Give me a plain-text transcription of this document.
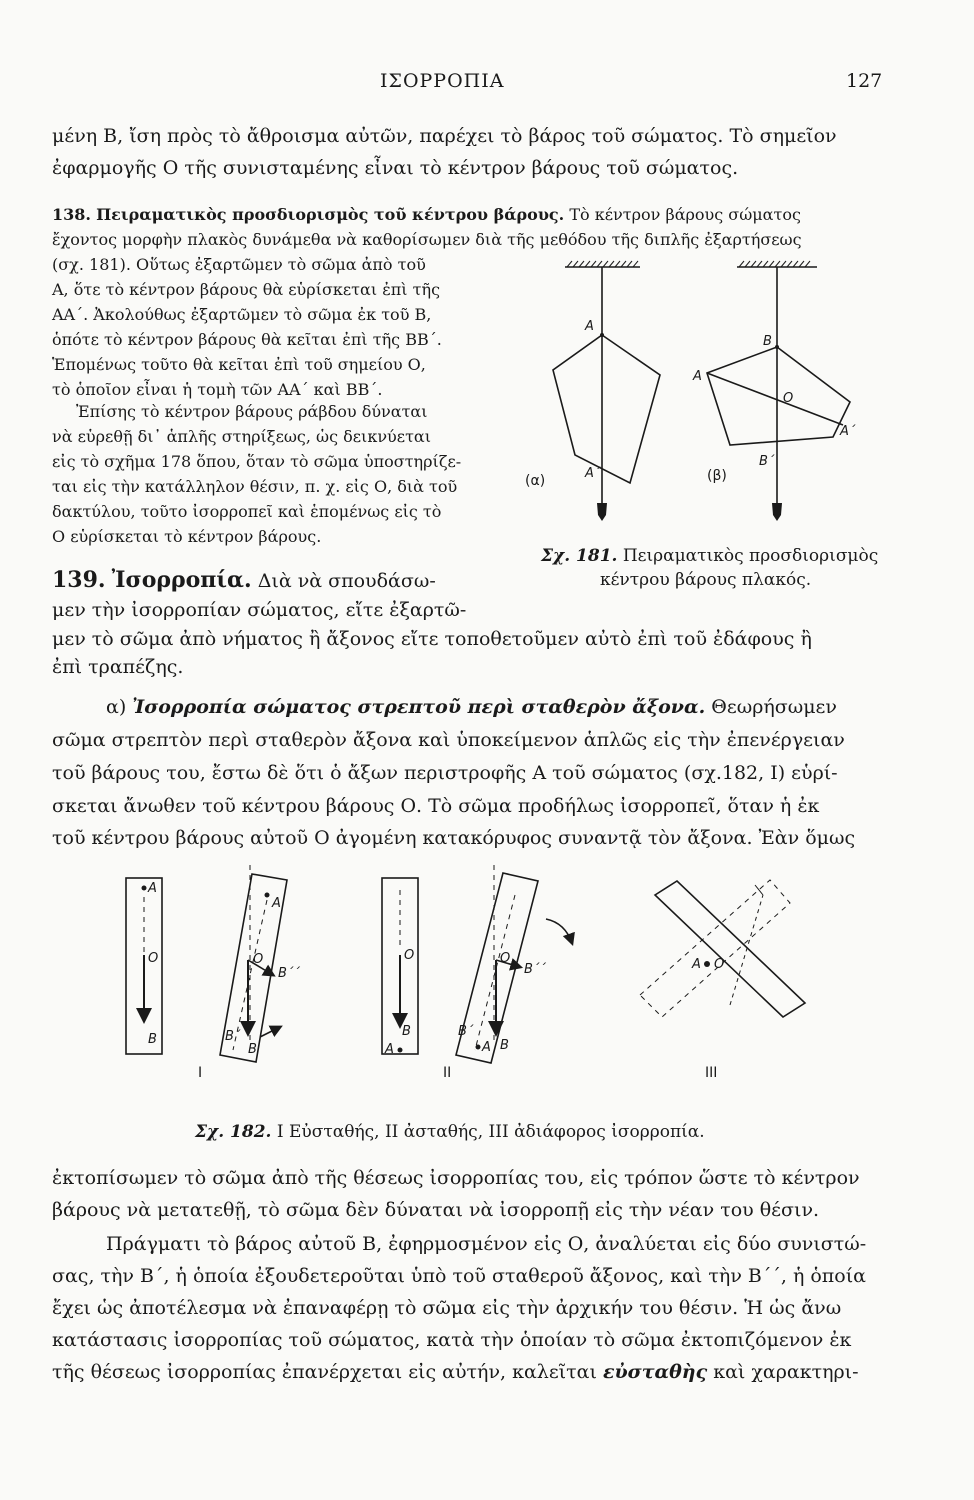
ΙΣΟΡΡΟΠΙΑ	127
μένη Β, ἴση πρὸς τὸ ἄθροισμα αὐτῶν, παρέχει τὸ βάρος τοῦ σώματος. Τὸ σημεῖον
ἐφαρμογῆς Ο τῆς συνισταμένης εἶναι τὸ κέντρον βάρους τοῦ σώματος.
138. Πειραματικὸς προσδιορισμὸς τοῦ κέντρου βάρους. Τὸ κέντρον βάρους σώματος
ἔχοντος μορφὴν πλακὸς δυνάμεθα νὰ καθορίσωμεν διὰ τῆς μεθόδου τῆς διπλῆς ἐξαρτήσεως
(σχ. 181). Οὕτως ἐξαρτῶμεν τὸ σῶμα ἀπὸ τοῦ
Α, ὅτε τὸ κέντρον βάρους θὰ εὑρίσκεται ἐπὶ τῆς
ΑΑ΄. Ἀκολούθως ἐξαρτῶμεν τὸ σῶμα ἐκ τοῦ Β,
ὁπότε τὸ κέντρον βάρους θὰ κεῖται ἐπὶ τῆς ΒΒ΄.
Ἑπομένως τοῦτο θὰ κεῖται ἐπὶ τοῦ σημείου Ο,
τὸ ὁποῖον εἶναι ἡ τομὴ τῶν ΑΑ΄ καὶ ΒΒ΄.
Ἐπίσης τὸ κέντρον βάρους ράβδου δύναται
νὰ εὑρεθῇ δι᾽ ἁπλῆς στηρίξεως, ὡς δεικνύεται
εἰς τὸ σχῆμα 178 ὅπου, ὅταν τὸ σῶμα ὑποστηρίζε-
ται εἰς τὴν κατάλληλον θέσιν, π. χ. εἰς Ο, διὰ τοῦ
δακτύλου, τοῦτο ἰσορροπεῖ καὶ ἑπομένως εἰς τὸ
Ο εὑρίσκεται τὸ κέντρον βάρους.
A
A΄
B
A
O
A΄
B΄
(α)	(β)
Σχ. 181. Πειραματικὸς προσδιορισμὸς
κέντρου βάρους πλακός.
139. Ἰσορροπία. Διὰ νὰ σπουδάσω-
μεν τὴν ἰσορροπίαν σώματος, εἴτε ἐξαρτῶ-
μεν τὸ σῶμα ἀπὸ νήματος ἢ ἄξονος εἴτε τοποθετοῦμεν αὐτὸ ἐπὶ τοῦ ἐδάφους ἢ
ἐπὶ τραπέζης.
α) Ἰσορροπία σώματος στρεπτοῦ περὶ σταθερὸν ἄξονα. Θεωρήσωμεν
σῶμα στρεπτὸν περὶ σταθερὸν ἄξονα καὶ ὑποκείμενον ἁπλῶς εἰς τὴν ἐπενέργειαν
τοῦ βάρους του, ἔστω δὲ ὅτι ὁ ἄξων περιστροφῆς Α τοῦ σώματος (σχ.182, Ι) εὑρί-
σκεται ἄνωθεν τοῦ κέντρου βάρους Ο. Τὸ σῶμα προδήλως ἰσορροπεῖ, ὅταν ἡ ἐκ
τοῦ κέντρου βάρους αὐτοῦ Ο ἀγομένη κατακόρυφος συναντᾷ τὸν ἄξονα. Ἐὰν ὅμως
A
O
B
A
O
B΄΄
B΄
B
O
B
A
O
B΄΄
B΄
A B
A O
I	II	III
Σχ. 182. Ι Εὐσταθής, ΙΙ ἀσταθής, ΙΙΙ ἀδιάφορος ἰσορροπία.
ἐκτοπίσωμεν τὸ σῶμα ἀπὸ τῆς θέσεως ἰσορροπίας του, εἰς τρόπον ὥστε τὸ κέντρον
βάρους νὰ μετατεθῇ, τὸ σῶμα δὲν δύναται νὰ ἰσορροπῇ εἰς τὴν νέαν του θέσιν.
Πράγματι τὸ βάρος αὐτοῦ Β, ἐφηρμοσμένον εἰς Ο, ἀναλύεται εἰς δύο συνιστώ-
σας, τὴν Β΄, ἡ ὁποία ἐξουδετεροῦται ὑπὸ τοῦ σταθεροῦ ἄξονος, καὶ τὴν Β΄΄, ἡ ὁποία
ἔχει ὡς ἀποτέλεσμα νὰ ἐπαναφέρῃ τὸ σῶμα εἰς τὴν ἀρχικήν του θέσιν. Ἡ ὡς ἄνω
κατάστασις ἰσορροπίας τοῦ σώματος, κατὰ τὴν ὁποίαν τὸ σῶμα ἐκτοπιζόμενον ἐκ
τῆς θέσεως ἰσορροπίας ἐπανέρχεται εἰς αὐτήν, καλεῖται εὐσταθὴς καὶ χαρακτηρι-
